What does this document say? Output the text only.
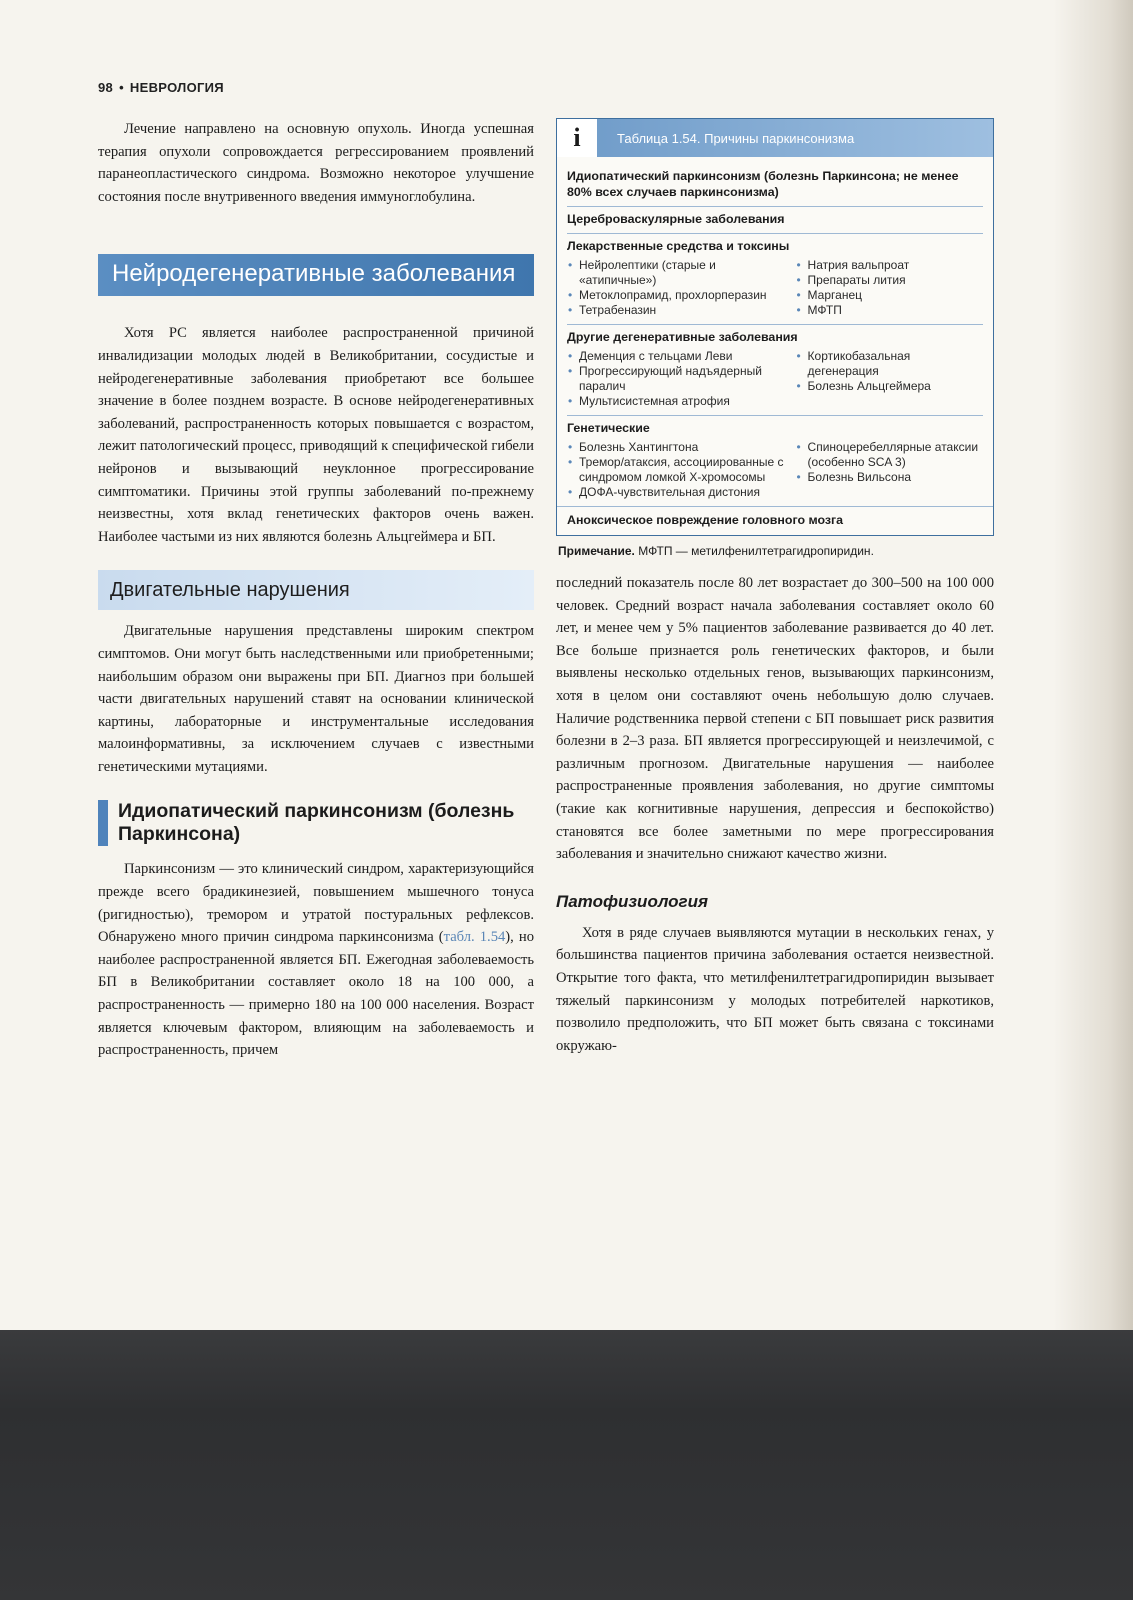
98 • НЕВРОЛОГИЯ

Лечение направлено на основную опухоль. Иногда успешная терапия опухоли сопровождается регрессированием проявлений паранеопластического синдрома. Возможно некоторое улучшение состояния после внутривенного введения иммуноглобулина.

Нейродегенеративные заболевания

Хотя РС является наиболее распространенной причиной инвалидизации молодых людей в Великобритании, сосудистые и нейродегенеративные заболевания приобретают все большее значение в более позднем возрасте. В основе нейродегенеративных заболеваний, распространенность которых повышается с возрастом, лежит патологический процесс, приводящий к специфической гибели нейронов и вызывающий неуклонное прогрессирование симптоматики. Причины этой группы заболеваний по-прежнему неизвестны, хотя вклад генетических факторов очень важен. Наиболее частыми из них являются болезнь Альцгеймера и БП.

Двигательные нарушения

Двигательные нарушения представлены широким спектром симптомов. Они могут быть наследственными или приобретенными; наибольшим образом они выражены при БП. Диагноз при большей части двигательных нарушений ставят на основании клинической картины, лабораторные и инструментальные исследования малоинформативны, за исключением случаев с известными генетическими мутациями.

Идиопатический паркинсонизм (болезнь Паркинсона)

Паркинсонизм — это клинический синдром, характеризующийся прежде всего брадикинезией, повышением мышечного тонуса (ригидностью), тремором и утратой постуральных рефлексов. Обнаружено много причин синдрома паркинсонизма (табл. 1.54), но наиболее распространенной является БП. Ежегодная заболеваемость БП в Великобритании составляет около 18 на 100 000, а распространенность — примерно 180 на 100 000 населения. Возраст является ключевым фактором, влияющим на заболеваемость и распространенность, причем

i	Таблица 1.54. Причины паркинсонизма
Идиопатический паркинсонизм (болезнь Паркинсона; не менее 80% всех случаев паркинсонизма)
Цереброваскулярные заболевания
Лекарственные средства и токсины
• Нейролептики (старые и «атипичные»)
• Метоклопрамид, прохлорперазин
• Тетрабеназин
• Натрия вальпроат
• Препараты лития
• Марганец
• МФТП
Другие дегенеративные заболевания
• Деменция с тельцами Леви
• Прогрессирующий надъядерный паралич
• Мультисистемная атрофия
• Кортикобазальная дегенерация
• Болезнь Альцгеймера
Генетические
• Болезнь Хантингтона
• Тремор/атаксия, ассоциированные с синдромом ломкой Х-хромосомы
• ДОФА-чувствительная дистония
• Спиноцеребеллярные атаксии (особенно SCA 3)
• Болезнь Вильсона
Аноксическое повреждение головного мозга
Примечание. МФТП — метилфенилтетрагидропиридин.

последний показатель после 80 лет возрастает до 300–500 на 100 000 человек. Средний возраст начала заболевания составляет около 60 лет, и менее чем у 5% пациентов заболевание развивается до 40 лет. Все больше признается роль генетических факторов, и были выявлены несколько отдельных генов, вызывающих паркинсонизм, хотя в целом они составляют очень небольшую долю случаев. Наличие родственника первой степени с БП повышает риск развития болезни в 2–3 раза. БП является прогрессирующей и неизлечимой, с различным прогнозом. Двигательные нарушения — наиболее распространенные проявления заболевания, но другие симптомы (такие как когнитивные нарушения, депрессия и беспокойство) становятся все более заметными по мере прогрессирования заболевания и значительно снижают качество жизни.

Патофизиология

Хотя в ряде случаев выявляются мутации в нескольких генах, у большинства пациентов причина заболевания остается неизвестной. Открытие того факта, что метилфенилтетрагидропиридин вызывает тяжелый паркинсонизм у молодых потребителей наркотиков, позволило предположить, что БП может быть связана с токсинами окружаю-
